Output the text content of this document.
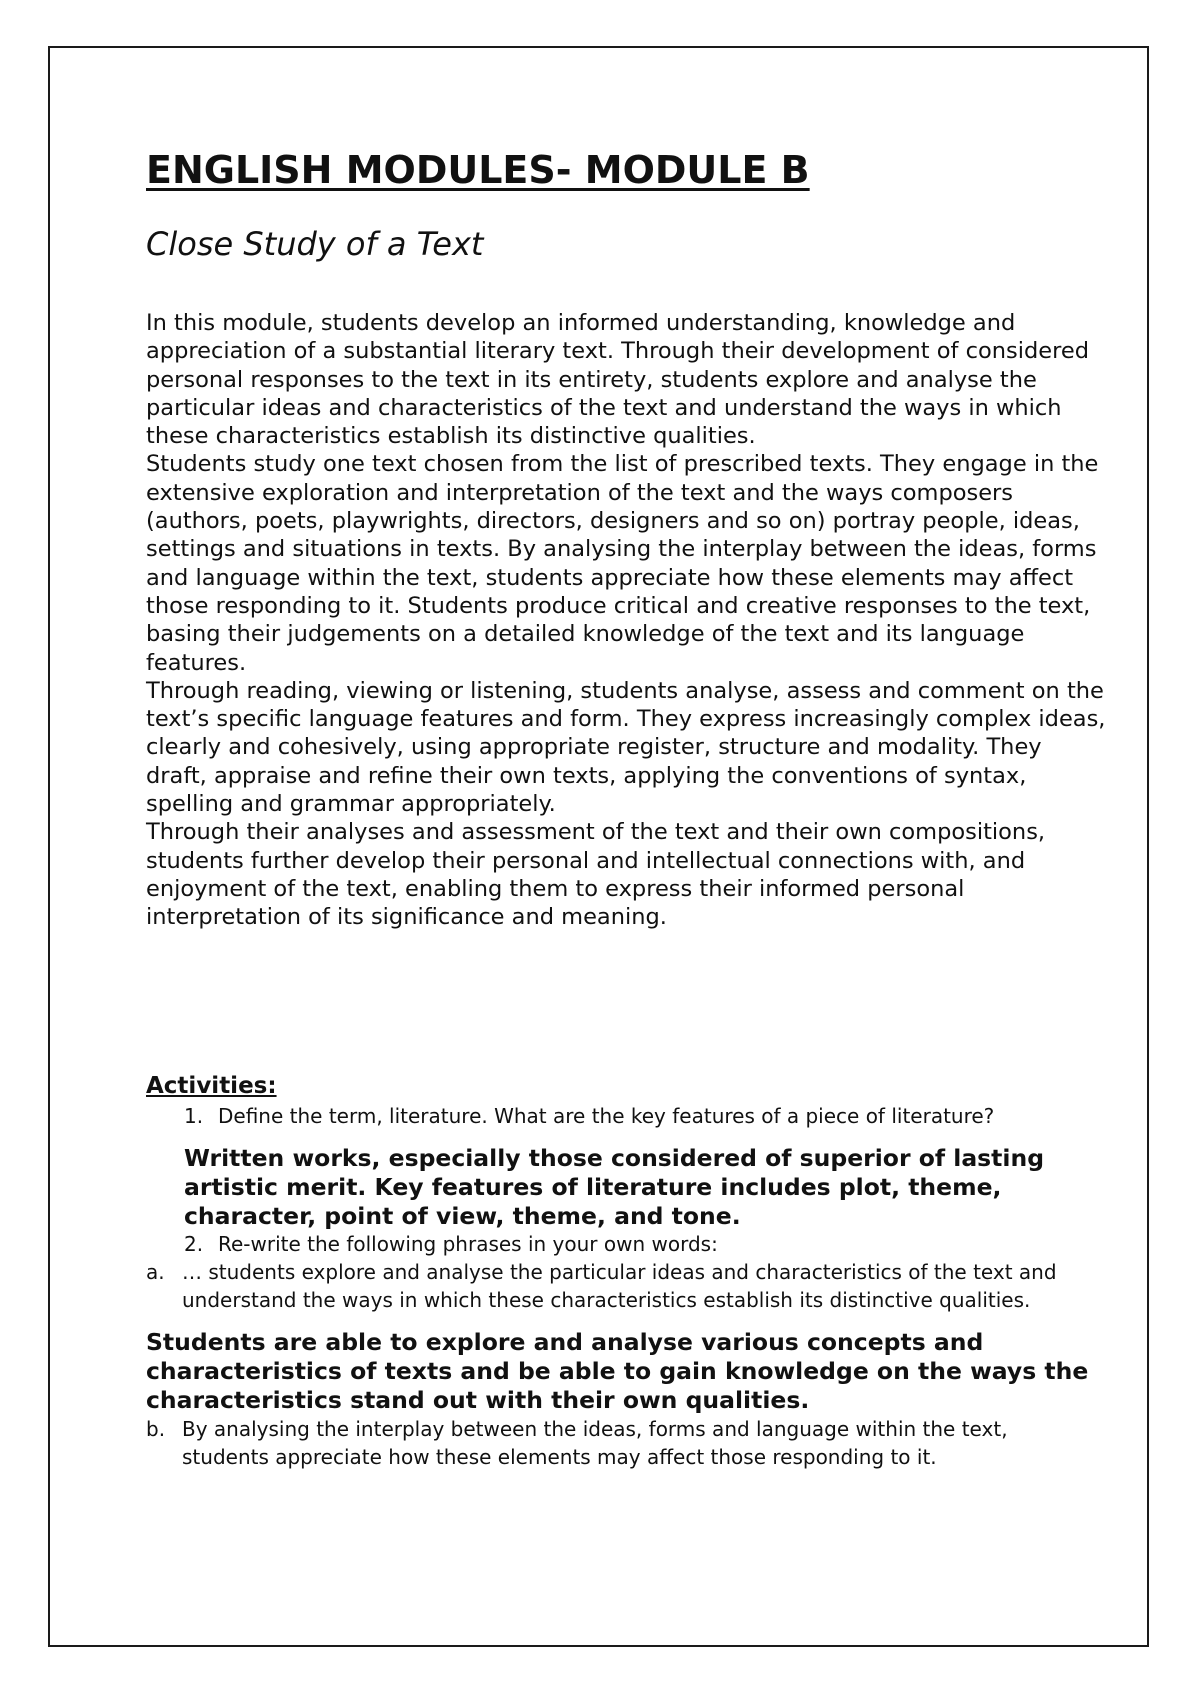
ENGLISH MODULES- MODULE B
Close Study of a Text

In this module, students develop an informed understanding, knowledge and appreciation of a substantial literary text. Through their development of considered personal responses to the text in its entirety, students explore and analyse the particular ideas and characteristics of the text and understand the ways in which these characteristics establish its distinctive qualities.

Students study one text chosen from the list of prescribed texts. They engage in the extensive exploration and interpretation of the text and the ways composers (authors, poets, playwrights, directors, designers and so on) portray people, ideas, settings and situations in texts. By analysing the interplay between the ideas, forms and language within the text, students appreciate how these elements may affect those responding to it. Students produce critical and creative responses to the text, basing their judgements on a detailed knowledge of the text and its language features.

Through reading, viewing or listening, students analyse, assess and comment on the text’s specific language features and form. They express increasingly complex ideas, clearly and cohesively, using appropriate register, structure and modality. They draft, appraise and refine their own texts, applying the conventions of syntax, spelling and grammar appropriately.

Through their analyses and assessment of the text and their own compositions, students further develop their personal and intellectual connections with, and enjoyment of the text, enabling them to express their informed personal interpretation of its significance and meaning.

Activities:
1. Define the term, literature. What are the key features of a piece of literature?
Written works, especially those considered of superior of lasting artistic merit. Key features of literature includes plot, theme, character, point of view, theme, and tone.
2. Re-write the following phrases in your own words:
a. … students explore and analyse the particular ideas and characteristics of the text and understand the ways in which these characteristics establish its distinctive qualities.
Students are able to explore and analyse various concepts and characteristics of texts and be able to gain knowledge on the ways the characteristics stand out with their own qualities.
b. By analysing the interplay between the ideas, forms and language within the text, students appreciate how these elements may affect those responding to it.
